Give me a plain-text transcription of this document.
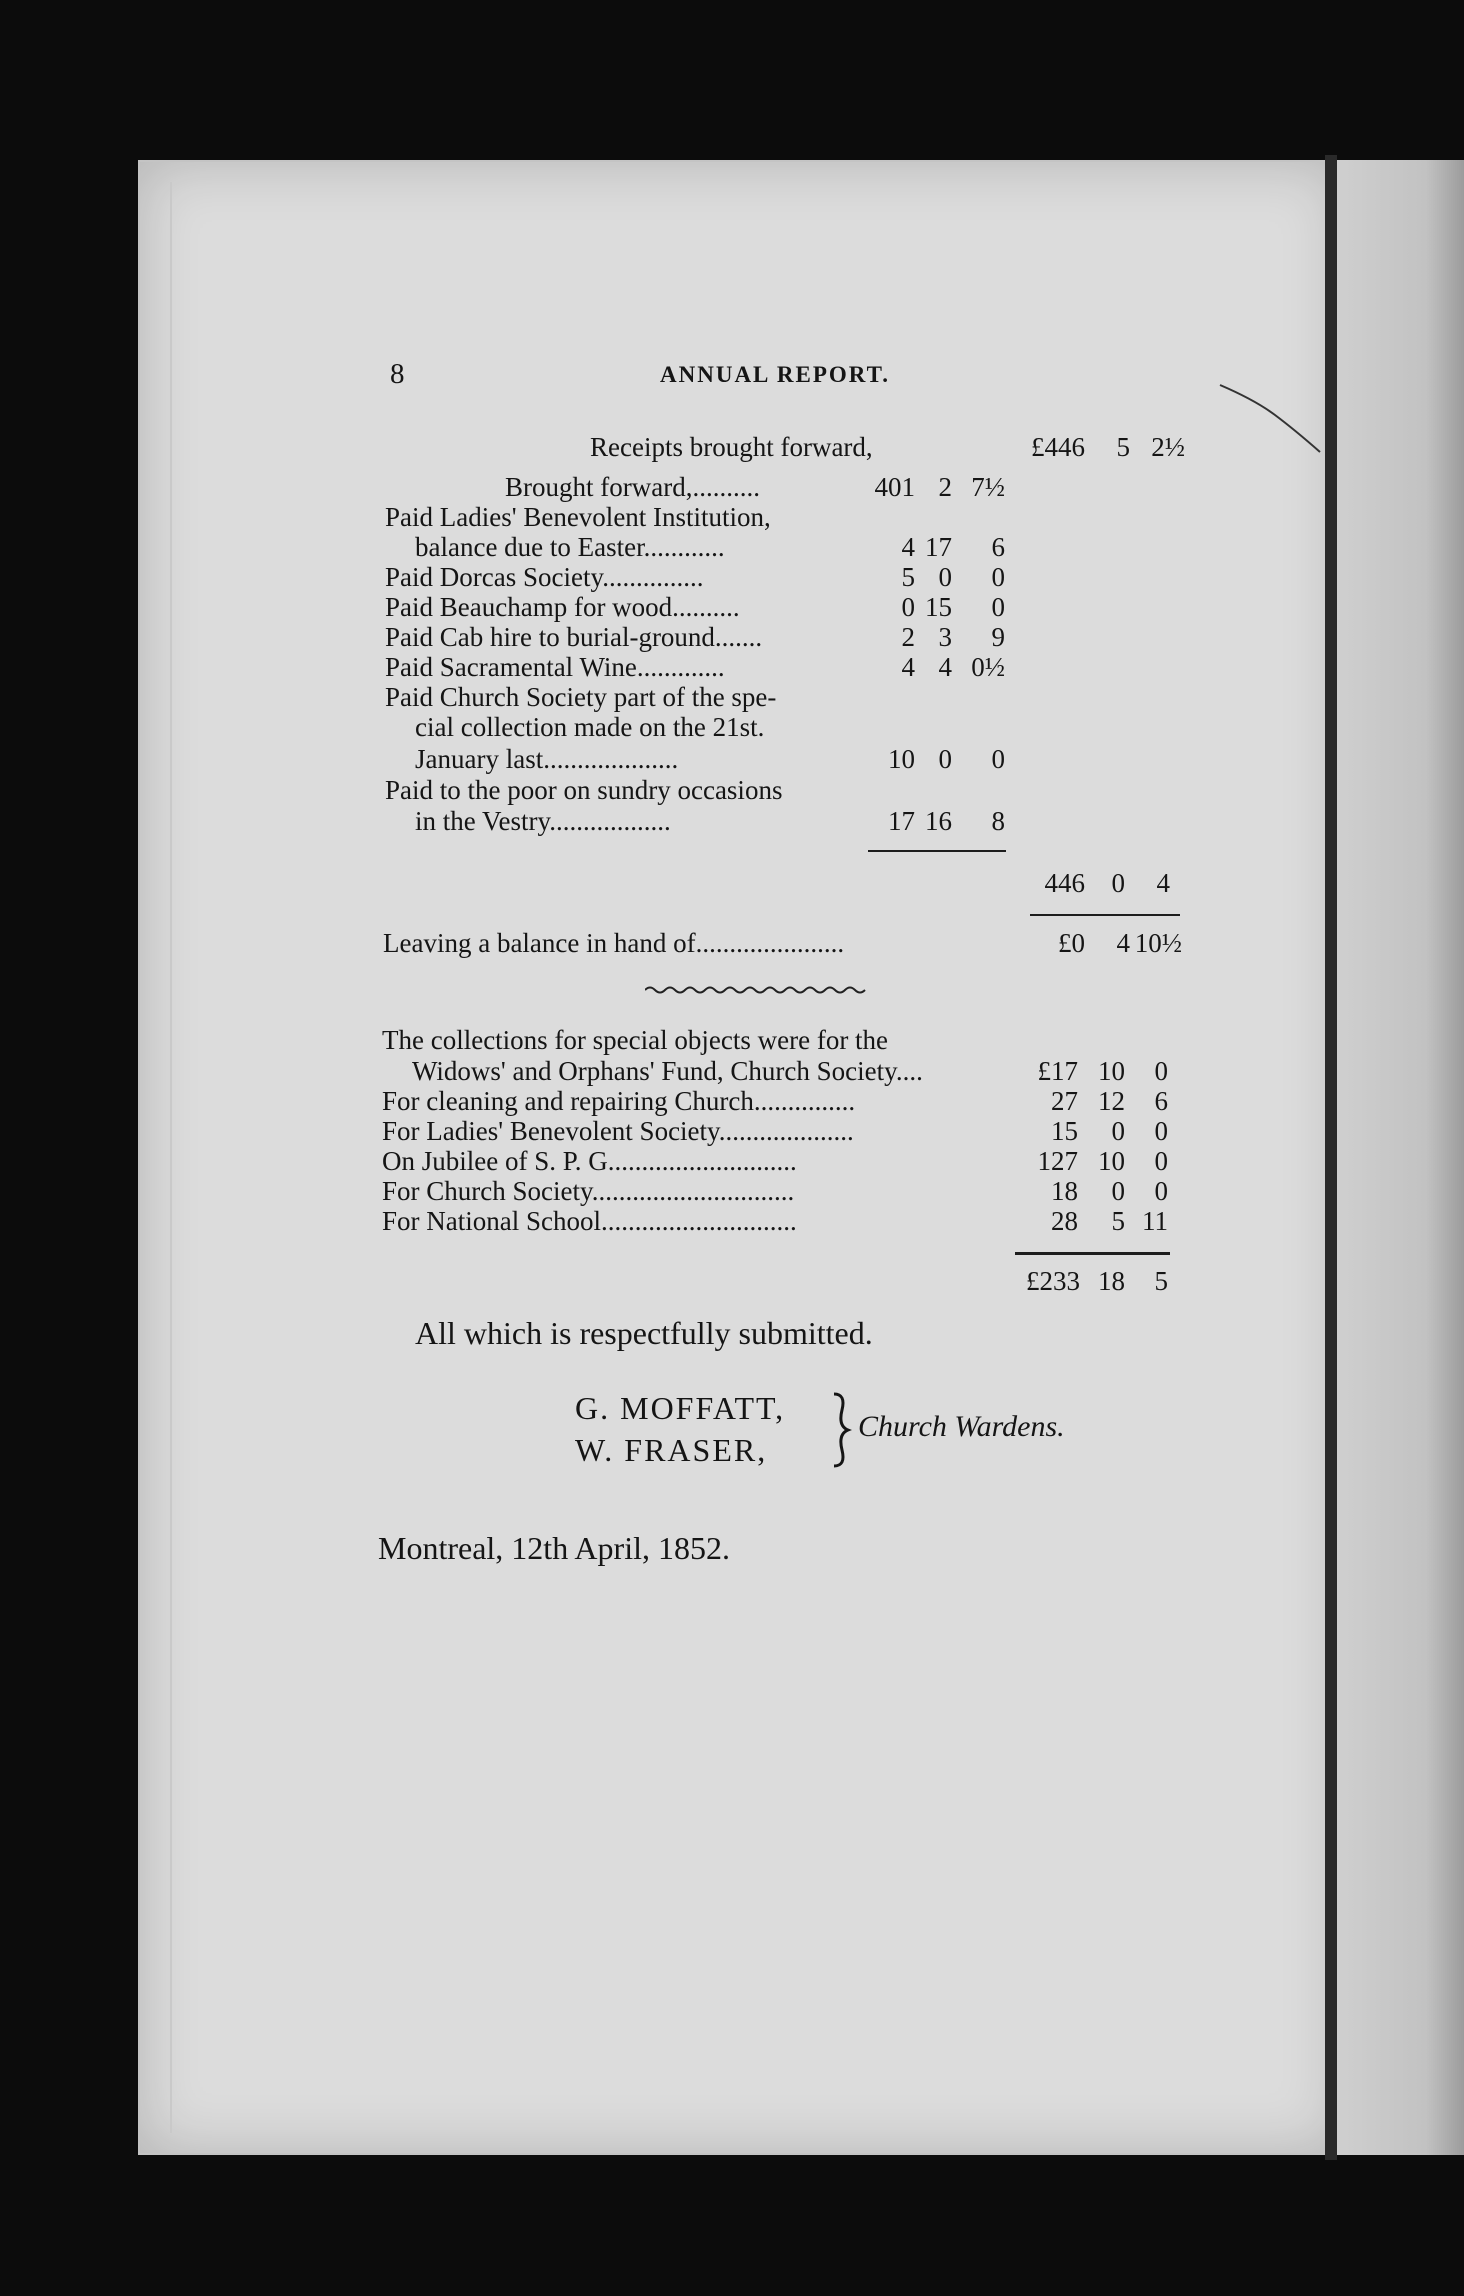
8	ANNUAL REPORT.
Receipts brought forward,	£446	5 2½
Brought forward,..........	401 2 7½
Paid Ladies' Benevolent Institution,
balance due to Easter............	4 17	6
Paid Dorcas Society...............	5 0	0
Paid Beauchamp for wood..........	0 15	0
Paid Cab hire to burial-ground.......	2 3	9
Paid Sacramental Wine.............	4 4 0½
Paid Church Society part of the spe-
cial collection made on the 21st.
January last....................	10 0	0
Paid to the poor on sundry occasions
in the Vestry..................	17 16	8
446 0	4
Leaving a balance in hand of......................	£0	4 10½
The collections for special objects were for the
Widows' and Orphans' Fund, Church Society....	£17 10	0
For cleaning and repairing Church...............	27 12	6
For Ladies' Benevolent Society....................	15	0	0
On Jubilee of S. P. G............................	127 10	0
For Church Society..............................	18	0	0
For National School.............................	28	5 11
£233 18	5
All which is respectfully submitted.
G. MOFFATT,
W. FRASER,
Church Wardens.
Montreal, 12th April, 1852.
